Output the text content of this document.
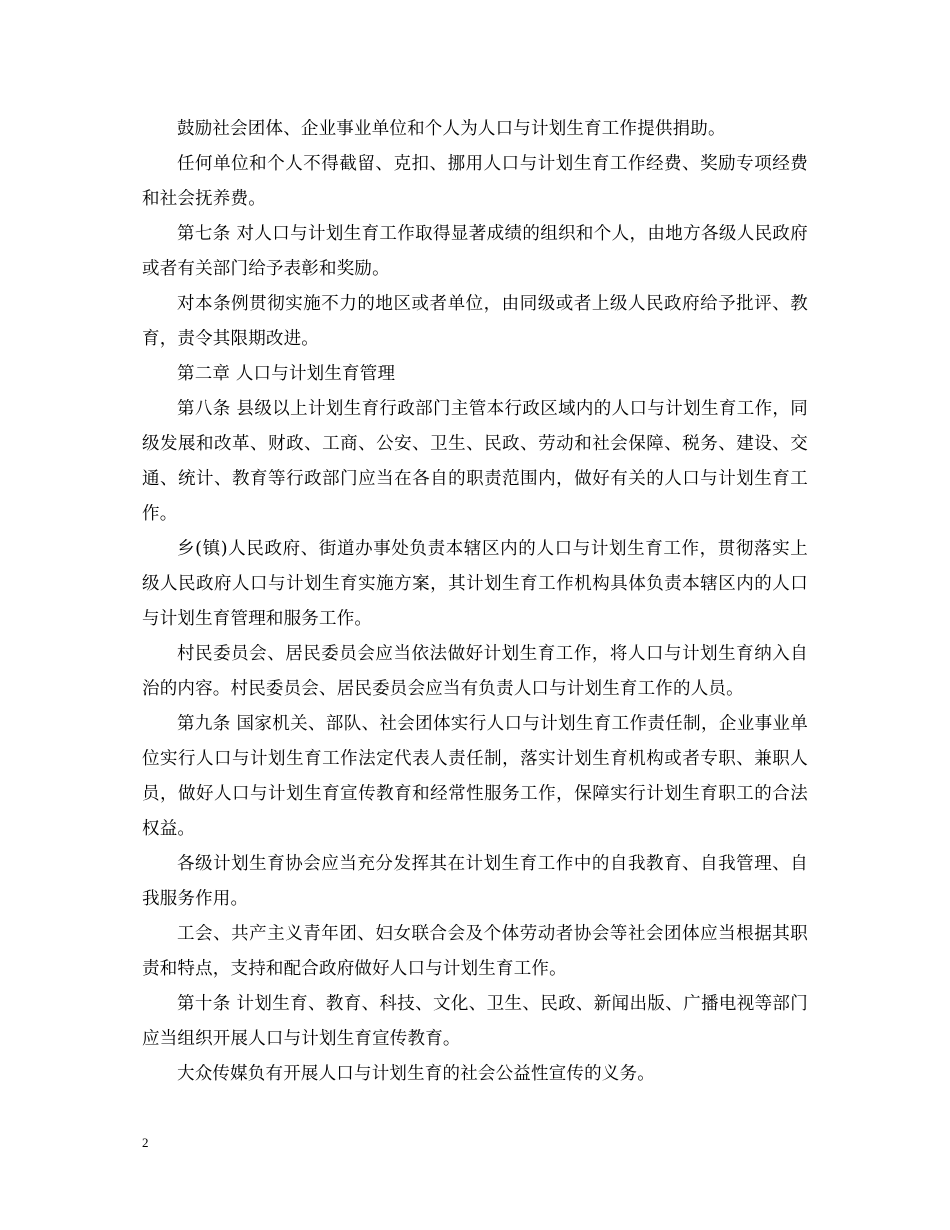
鼓励社会团体、企业事业单位和个人为人口与计划生育工作提供捐助。

任何单位和个人不得截留、克扣、挪用人口与计划生育工作经费、奖励专项经费和社会抚养费。

第七条 对人口与计划生育工作取得显著成绩的组织和个人，由地方各级人民政府或者有关部门给予表彰和奖励。

对本条例贯彻实施不力的地区或者单位，由同级或者上级人民政府给予批评、教育，责令其限期改进。

第二章 人口与计划生育管理

第八条 县级以上计划生育行政部门主管本行政区域内的人口与计划生育工作，同级发展和改革、财政、工商、公安、卫生、民政、劳动和社会保障、税务、建设、交通、统计、教育等行政部门应当在各自的职责范围内，做好有关的人口与计划生育工作。

乡(镇)人民政府、街道办事处负责本辖区内的人口与计划生育工作，贯彻落实上级人民政府人口与计划生育实施方案，其计划生育工作机构具体负责本辖区内的人口与计划生育管理和服务工作。

村民委员会、居民委员会应当依法做好计划生育工作，将人口与计划生育纳入自治的内容。村民委员会、居民委员会应当有负责人口与计划生育工作的人员。

第九条 国家机关、部队、社会团体实行人口与计划生育工作责任制，企业事业单位实行人口与计划生育工作法定代表人责任制，落实计划生育机构或者专职、兼职人员，做好人口与计划生育宣传教育和经常性服务工作，保障实行计划生育职工的合法权益。

各级计划生育协会应当充分发挥其在计划生育工作中的自我教育、自我管理、自我服务作用。

工会、共产主义青年团、妇女联合会及个体劳动者协会等社会团体应当根据其职责和特点，支持和配合政府做好人口与计划生育工作。

第十条 计划生育、教育、科技、文化、卫生、民政、新闻出版、广播电视等部门应当组织开展人口与计划生育宣传教育。

大众传媒负有开展人口与计划生育的社会公益性宣传的义务。

2
